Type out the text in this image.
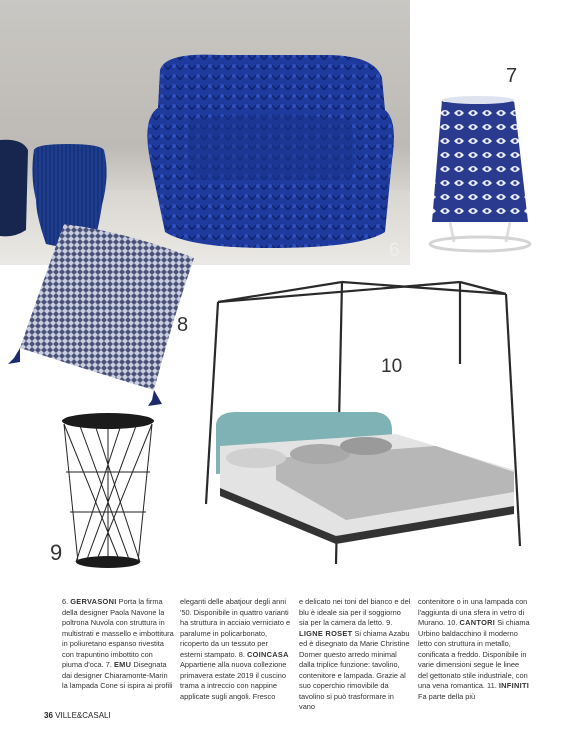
6
7
8
9
10

6. GERVASONI Porta la firma della designer Paola Navone la poltrona Nuvola con struttura in multistrati e massello e imbottitura in poliuretano espanso rivestita con trapuntino imbottito con piuma d'oca. 7. EMU Disegnata dai designer Chiaramonte-Marin la lampada Cone si ispira ai profili

eleganti delle abatjour degli anni '50. Disponibile in quattro varianti ha struttura in acciaio verniciato e paralume in policarbonato, ricoperto da un tessuto per esterni stampato. 8. COINCASA Appartiene alla nuova collezione primavera estate 2019 il cuscino trama a intreccio con nappine applicate sugli angoli. Fresco

e delicato nei toni del bianco e del blu è ideale sia per il soggiorno sia per la camera da letto. 9. LIGNE ROSET Si chiama Azabu ed è disegnato da Marie Christine Dorner questo arredo minimal dalla triplice funzione: tavolino, contenitore e lampada. Grazie al suo coperchio rimovibile da tavolino si può trasformare in vano

contenitore o in una lampada con l'aggiunta di una sfera in vetro di Murano. 10. CANTORI Si chiama Urbino baldacchino il moderno letto con struttura in metallo, conificata a freddo. Disponibile in varie dimensioni segue le linee del gettonato stile industriale, con una vena romantica. 11. INFINITI Fa parte della più

36 VILLE&CASALI
